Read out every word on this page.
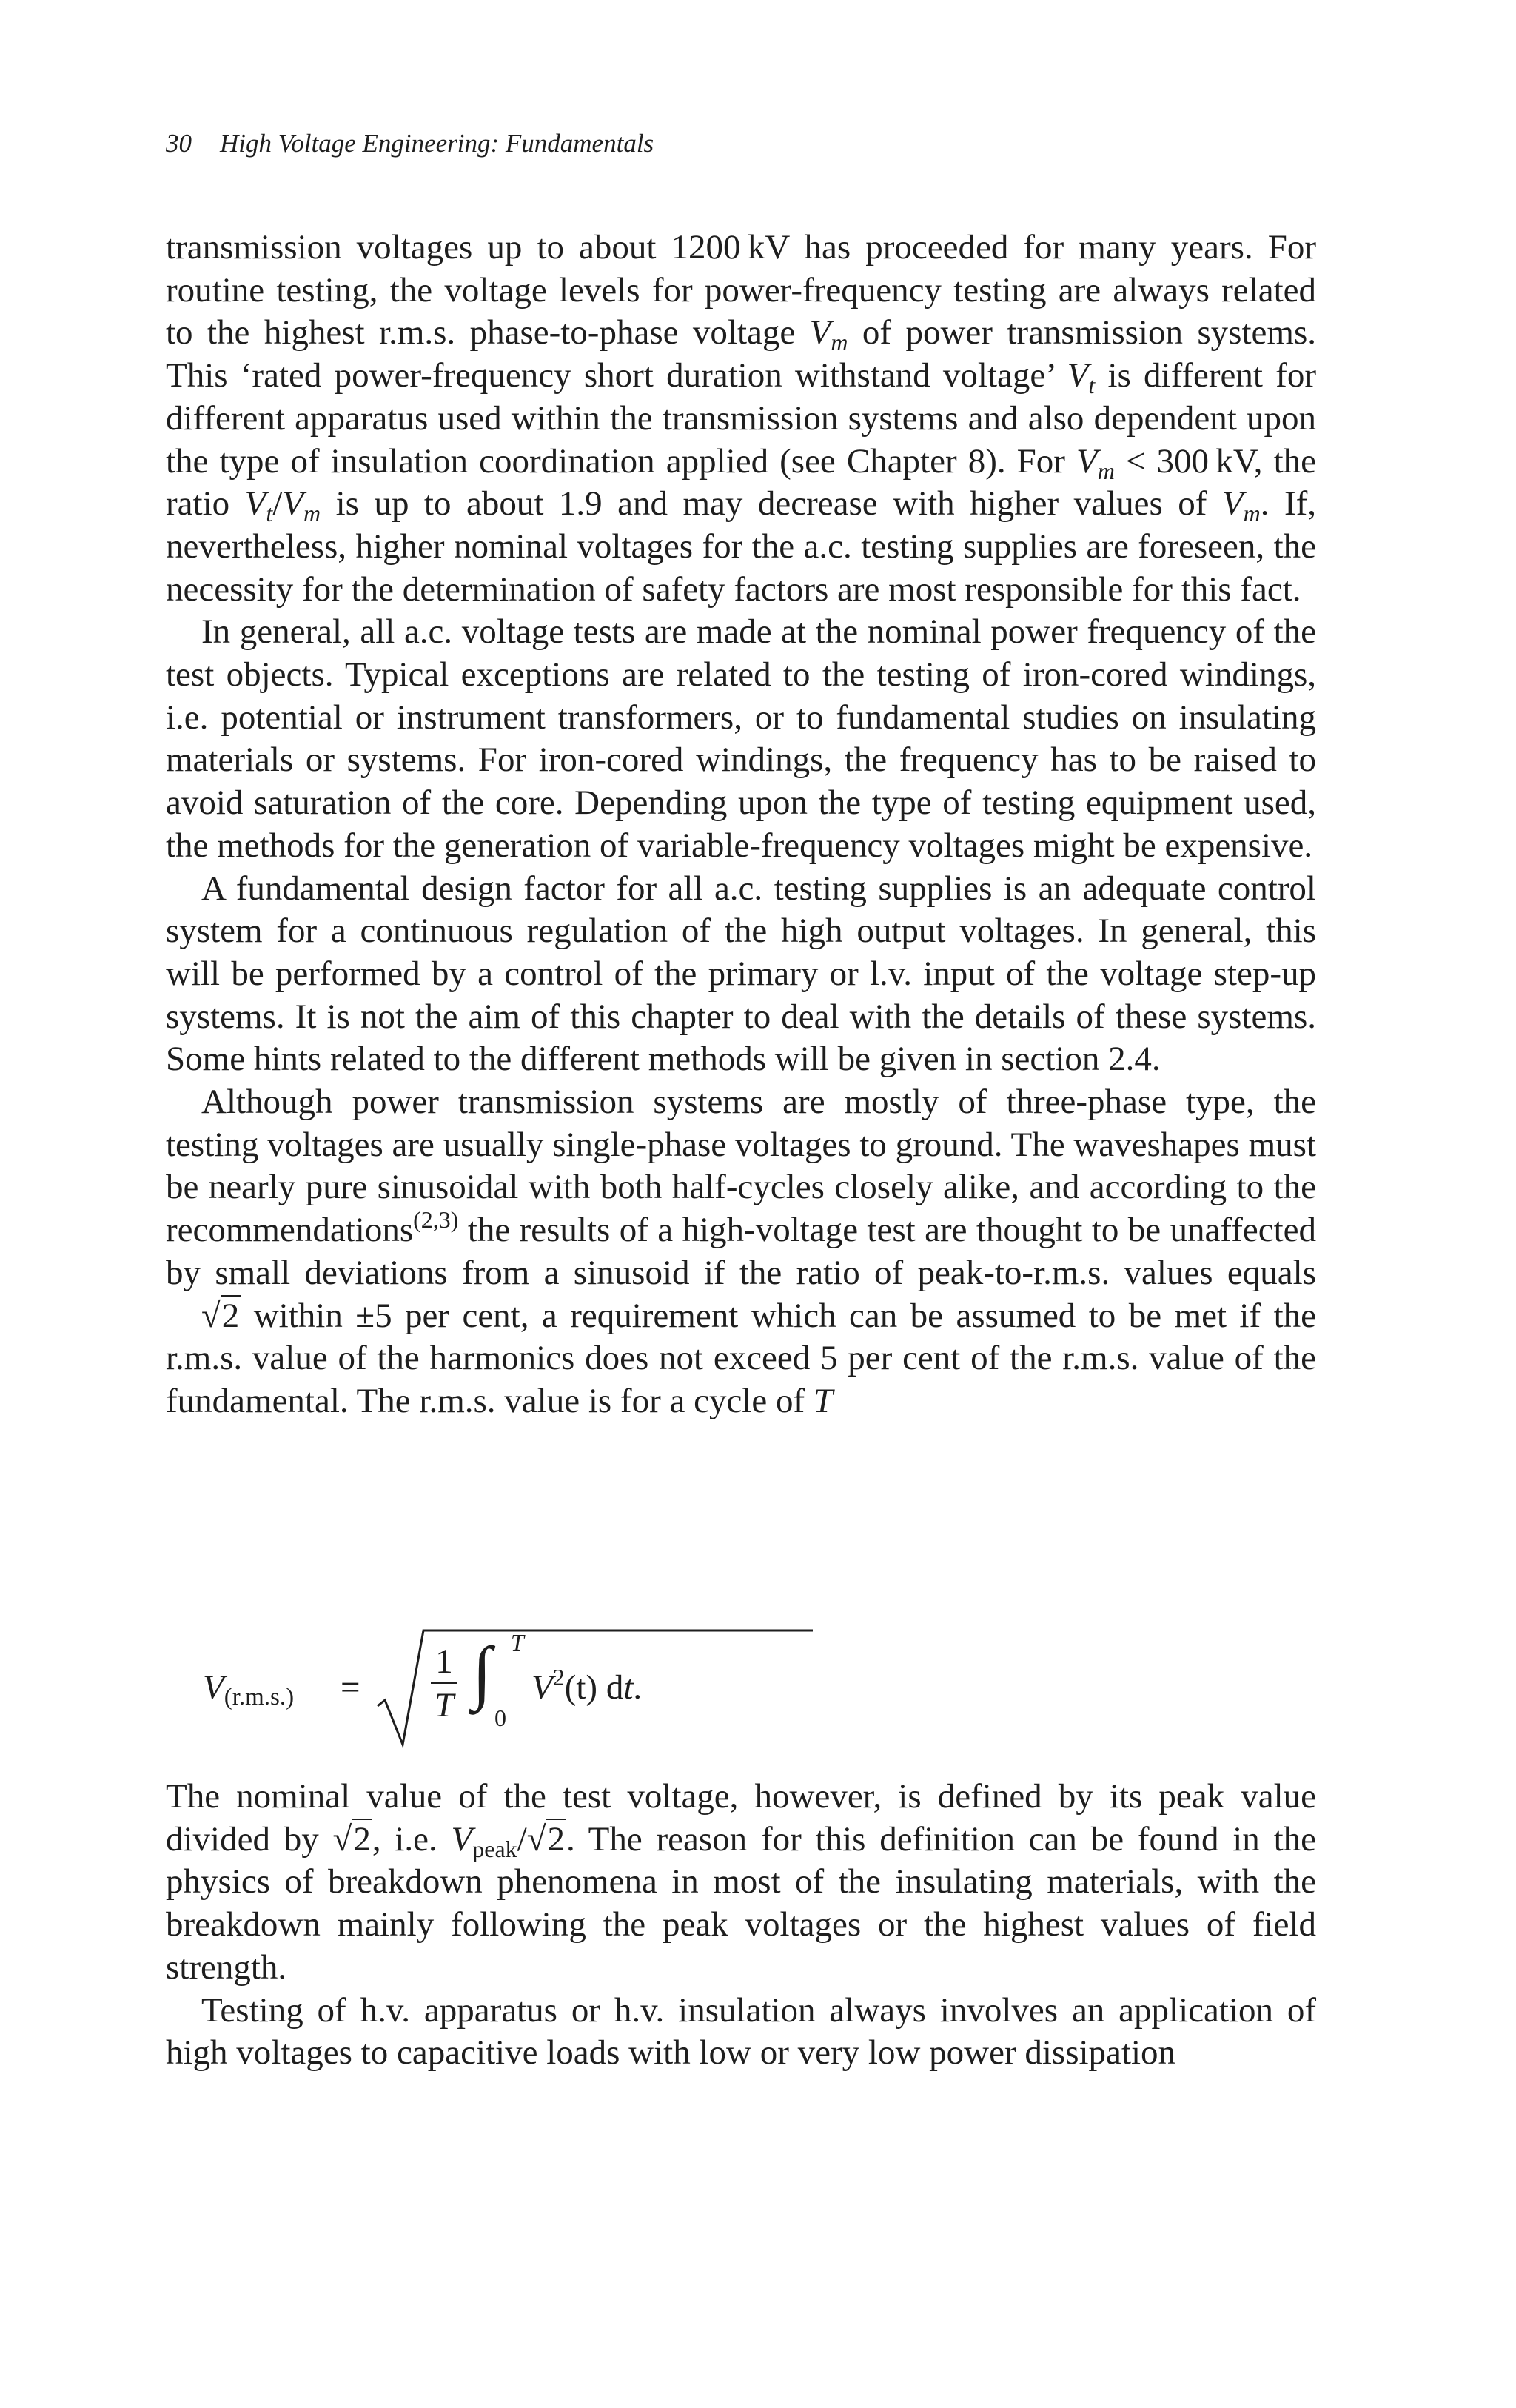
30 High Voltage Engineering: Fundamentals

transmission voltages up to about 1200 kV has proceeded for many years. For routine testing, the voltage levels for power-frequency testing are always related to the highest r.m.s. phase-to-phase voltage $V_m$ of power transmission systems. This ‘rated power-frequency short duration withstand voltage’ $V_t$ is different for different apparatus used within the transmission systems and also dependent upon the type of insulation coordination applied (see Chapter 8). For $V_m < 300$ kV, the ratio $V_t/V_m$ is up to about 1.9 and may decrease with higher values of $V_m$. If, nevertheless, higher nominal voltages for the a.c. testing supplies are foreseen, the necessity for the determination of safety factors are most responsible for this fact.

In general, all a.c. voltage tests are made at the nominal power frequency of the test objects. Typical exceptions are related to the testing of iron-cored windings, i.e. potential or instrument transformers, or to fundamental studies on insulating materials or systems. For iron-cored windings, the frequency has to be raised to avoid saturation of the core. Depending upon the type of testing equipment used, the methods for the generation of variable-frequency voltages might be expensive.

A fundamental design factor for all a.c. testing supplies is an adequate control system for a continuous regulation of the high output voltages. In general, this will be performed by a control of the primary or l.v. input of the voltage step-up systems. It is not the aim of this chapter to deal with the details of these systems. Some hints related to the different methods will be given in section 2.4.

Although power transmission systems are mostly of three-phase type, the testing voltages are usually single-phase voltages to ground. The waveshapes must be nearly pure sinusoidal with both half-cycles closely alike, and according to the recommendations$^{(2,3)}$ the results of a high-voltage test are thought to be unaffected by small deviations from a sinusoid if the ratio of peak-to-r.m.s. values equals √2 within ±5 per cent, a requirement which can be assumed to be met if the r.m.s. value of the harmonics does not exceed 5 per cent of the r.m.s. value of the fundamental. The r.m.s. value is for a cycle of T

V(r.m.s.) =
1
T ∫ T
0
$V^2(t)$ dt.

The nominal value of the test voltage, however, is defined by its peak value divided by √2, i.e. Vpeak/√2. The reason for this definition can be found in the physics of breakdown phenomena in most of the insulating materials, with the breakdown mainly following the peak voltages or the highest values of field strength.

Testing of h.v. apparatus or h.v. insulation always involves an application of high voltages to capacitive loads with low or very low power dissipation
